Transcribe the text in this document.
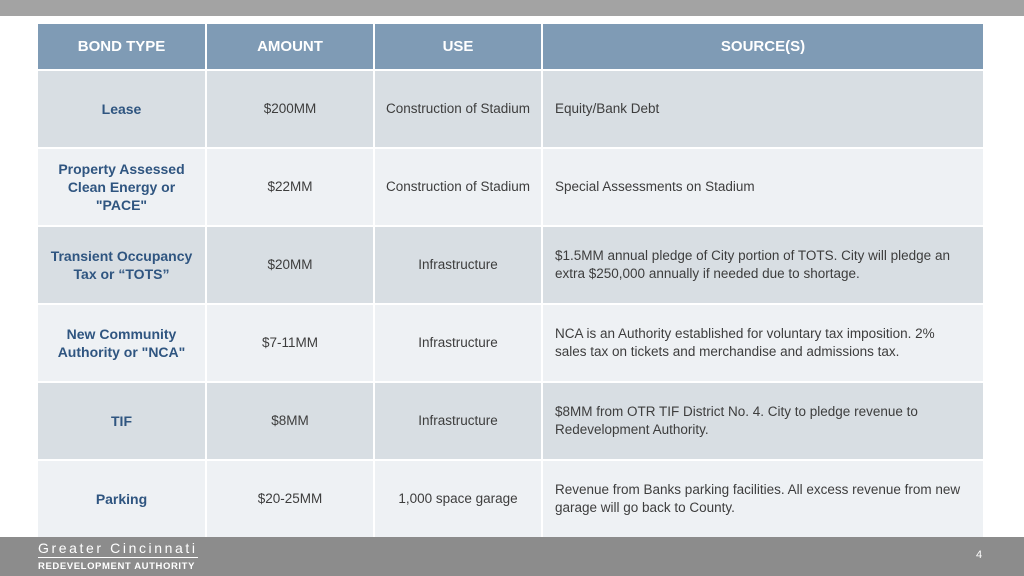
BOND TYPE	AMOUNT	USE	SOURCE(S)
Lease	$200MM	Construction of Stadium	Equity/Bank Debt
Property Assessed Clean Energy or "PACE"	$22MM	Construction of Stadium	Special Assessments on Stadium
Transient Occupancy Tax or “TOTS”	$20MM	Infrastructure	$1.5MM annual pledge of City portion of TOTS. City will pledge an extra $250,000 annually if needed due to shortage.
New Community Authority or "NCA"	$7-11MM	Infrastructure	NCA is an Authority established for voluntary tax imposition. 2% sales tax on tickets and merchandise and admissions tax.
TIF	$8MM	Infrastructure	$8MM from OTR TIF District No. 4. City to pledge revenue to Redevelopment Authority.
Parking	$20-25MM	1,000 space garage	Revenue from Banks parking facilities. All excess revenue from new garage will go back to County.
Greater Cincinnati
REDEVELOPMENT AUTHORITY
4
